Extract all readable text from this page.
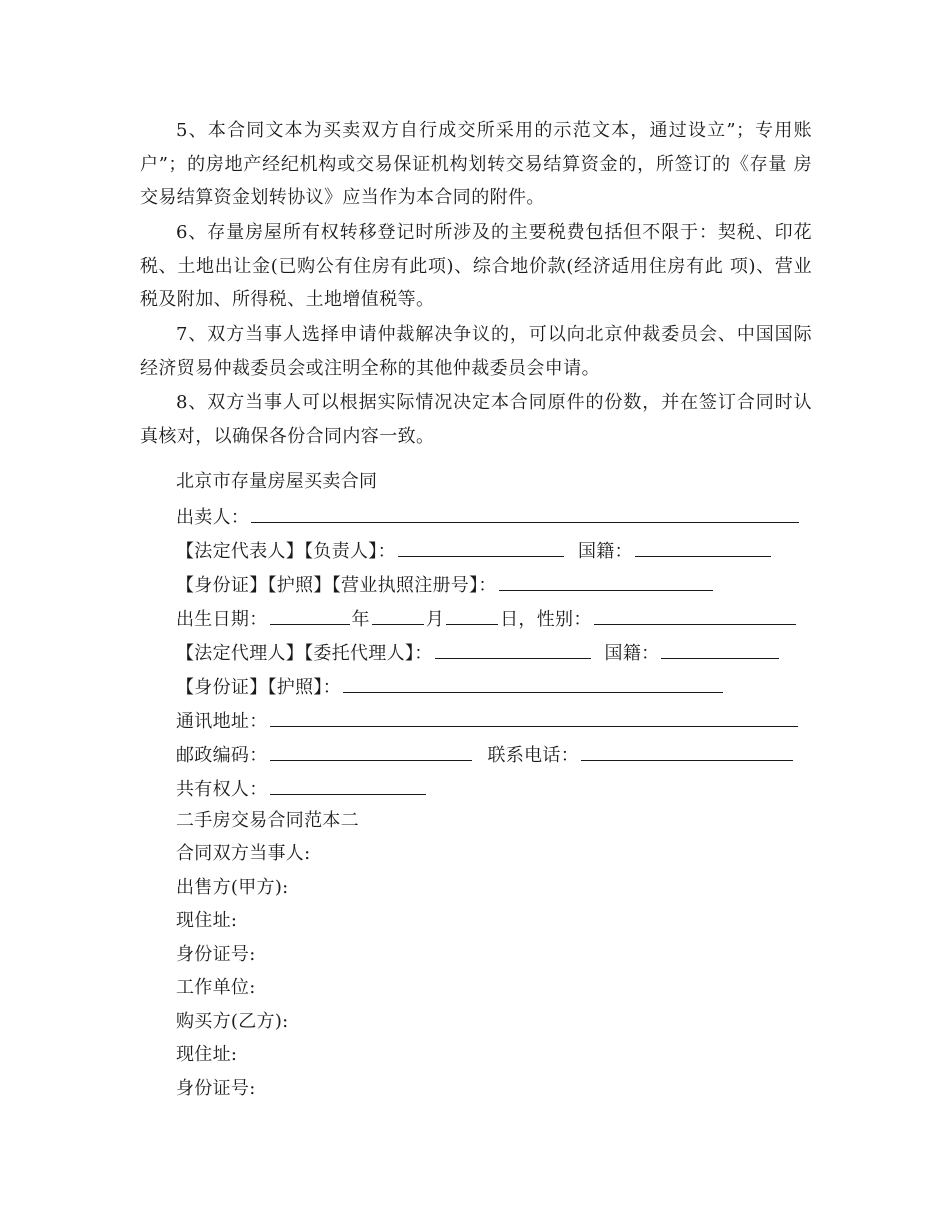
5、本合同文本为买卖双方自行成交所采用的示范文本，通过设立”；专用账户”；的房地产经纪机构或交易保证机构划转交易结算资金的，所签订的《存量 房交易结算资金划转协议》应当作为本合同的附件。

6、存量房屋所有权转移登记时所涉及的主要税费包括但不限于：契税、印花税、土地出让金(已购公有住房有此项)、综合地价款(经济适用住房有此 项)、营业税及附加、所得税、土地增值税等。

7、双方当事人选择申请仲裁解决争议的，可以向北京仲裁委员会、中国国际经济贸易仲裁委员会或注明全称的其他仲裁委员会申请。

8、双方当事人可以根据实际情况决定本合同原件的份数，并在签订合同时认真核对，以确保各份合同内容一致。

北京市存量房屋买卖合同
出卖人：
【法定代表人】【负责人】：	国籍：
【身份证】【护照】【营业执照注册号】：
出生日期：	年	月	日，性别：
【法定代理人】【委托代理人】：	国籍：
【身份证】【护照】：
通讯地址：
邮政编码：	联系电话：
共有权人：
二手房交易合同范本二
合同双方当事人:
出售方(甲方):
现住址:
身份证号:
工作单位:
购买方(乙方):
现住址:
身份证号:
